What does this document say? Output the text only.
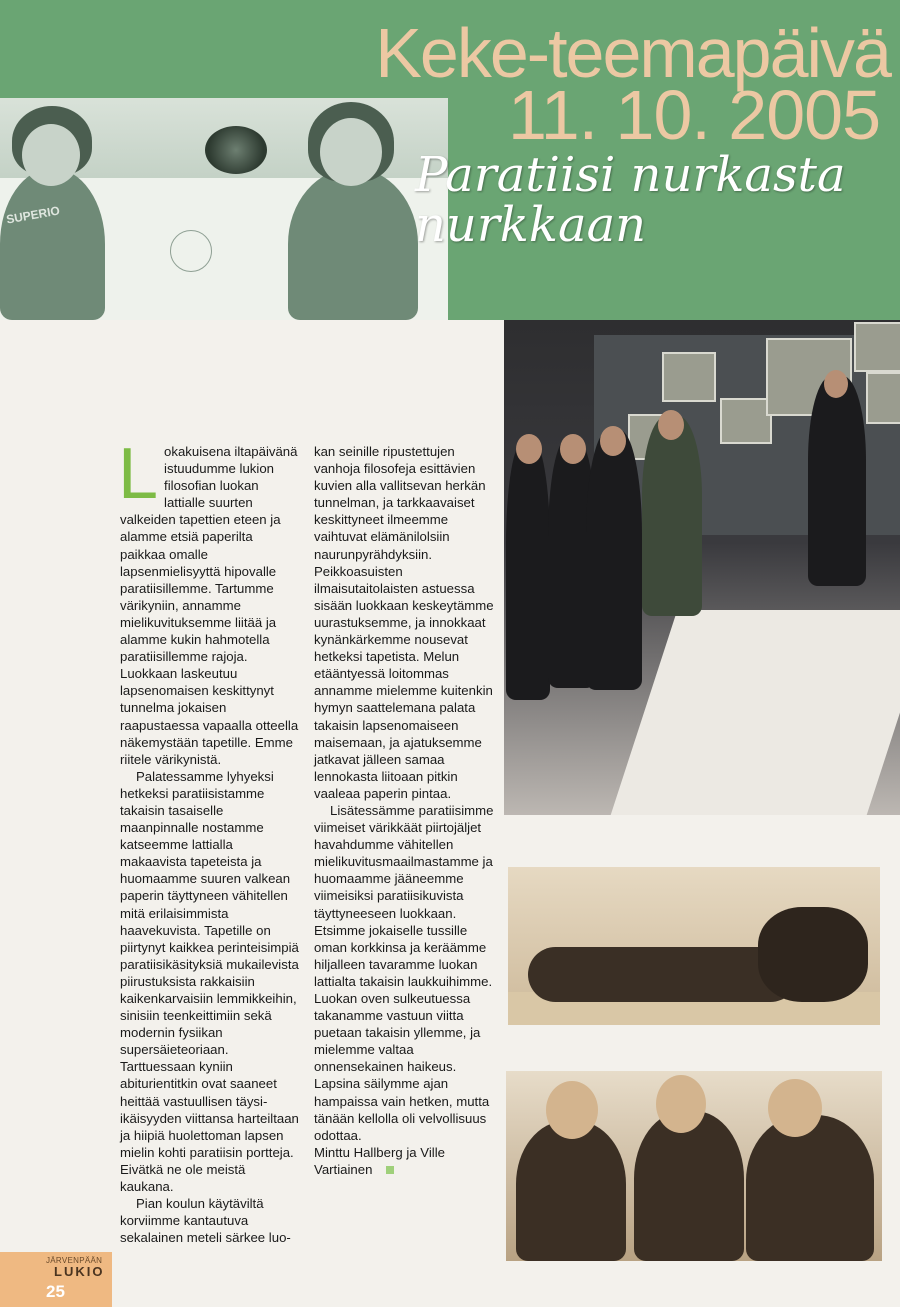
SUPERIO
Keke-teemapäivä
11. 10. 2005
Paratiisi nurkasta nurkkaan

Lokakuisena iltapäivänä istuudumme lukion filosofian luokan lattialle suurten valkeiden tapettien eteen ja alamme etsiä paperilta paikkaa omalle lapsenmielisyyttä hipovalle paratiisillemme. Tartumme värikyniin, annamme mielikuvituksemme liitää ja alamme kukin hahmotella paratiisillemme rajoja. Luokkaan laskeutuu lapsenomaisen keskittynyt tunnelma jokaisen raapustaessa vapaalla otteella näkemystään tapetille. Emme riitele värikynistä.

Palatessamme lyhyeksi hetkeksi paratiisistamme takaisin tasaiselle maanpinnalle nostamme katseemme lattialla makaavista tapeteista ja huomaamme suuren valkean paperin täyttyneen vähitellen mitä erilaisimmista haavekuvista. Tapetille on piirtynyt kaikkea perinteisimpiä paratiisikäsityksiä mukailevista piirustuksista rakkaisiin kaikenkarvaisiin lemmikkeihin, sinisiin teenkeittimiin sekä modernin fysiikan supersäieteoriaan. Tarttuessaan kyniin abiturientitkin ovat saaneet heittää vastuullisen täysi-ikäisyyden viittansa harteiltaan ja hiipiä huolettoman lapsen mielin kohti paratiisin portteja. Eivätkä ne ole meistä kaukana.

Pian koulun käytäviltä korviimme kantautuva sekalainen meteli särkee luo-

kan seinille ripustettujen vanhoja filosofeja esittävien kuvien alla vallitsevan herkän tunnelman, ja tarkkaavaiset keskittyneet ilmeemme vaihtuvat elämänilolsiin naurunpyrähdyksiin. Peikkoasuisten ilmaisutaitolaisten astuessa sisään luokkaan keskeytämme uurastuksemme, ja innokkaat kynänkärkemme nousevat hetkeksi tapetista. Melun etääntyessä loitommas annamme mielemme kuitenkin hymyn saattelemana palata takaisin lapsenomaiseen maisemaan, ja ajatuksemme jatkavat jälleen samaa lennokasta liitoaan pitkin vaaleaa paperin pintaa.

Lisätessämme paratiisimme viimeiset värikkäät piirtojäljet havahdumme vähitellen mielikuvitusmaailmastamme ja huomaamme jääneemme viimeisiksi paratiisikuvista täyttyneeseen luokkaan. Etsimme jokaiselle tussille oman korkkinsa ja keräämme hiljalleen tavaramme luokan lattialta takaisin laukkuihimme. Luokan oven sulkeutuessa takanamme vastuun viitta puetaan takaisin yllemme, ja mielemme valtaa onnensekainen haikeus. Lapsina säilymme ajan hampaissa vain hetken, mutta tänään kellolla oli velvollisuus odottaa.

Minttu Hallberg ja Ville Vartiainen

JÄRVENPÄÄN
LUKIO
25
